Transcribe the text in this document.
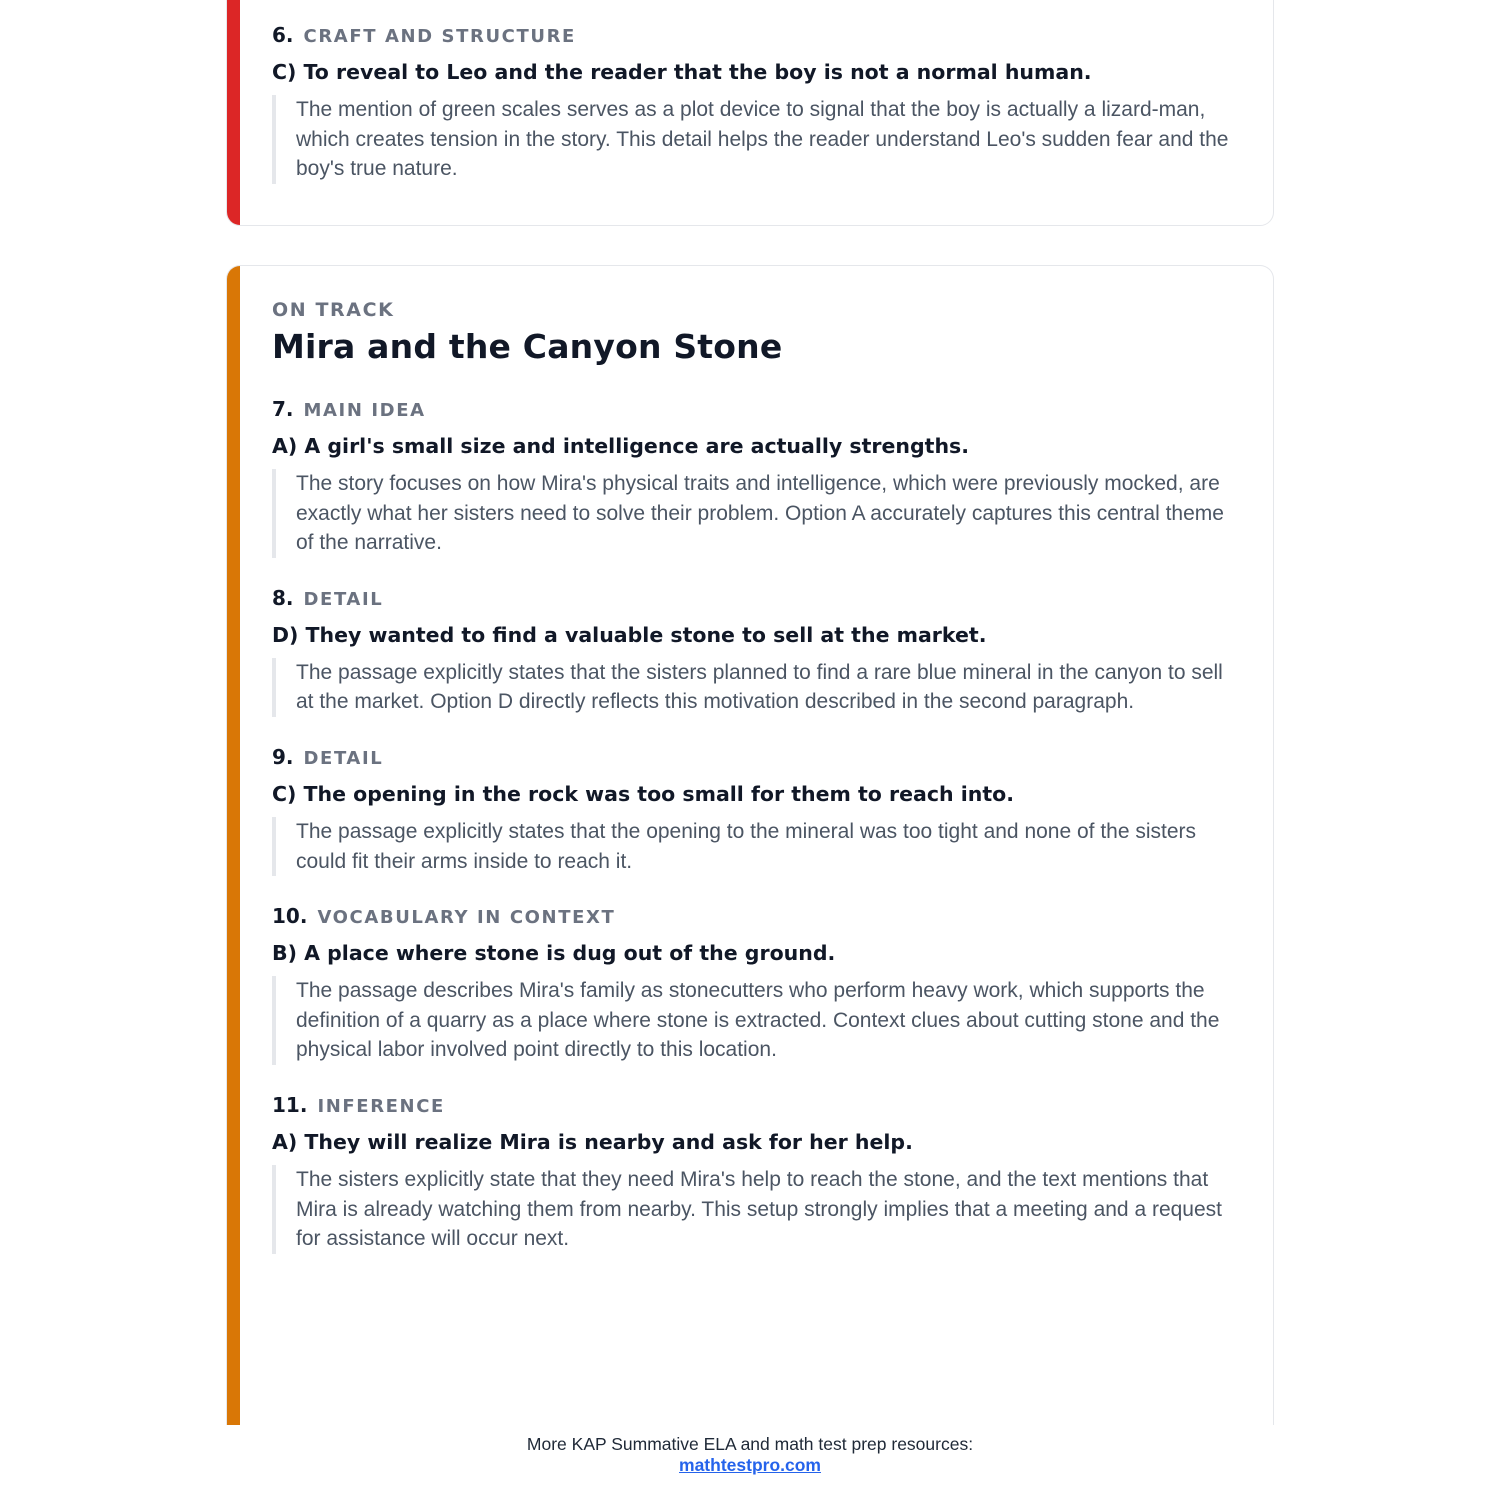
6. CRAFT AND STRUCTURE
C) To reveal to Leo and the reader that the boy is not a normal human.
The mention of green scales serves as a plot device to signal that the boy is actually a lizard-man, which creates tension in the story. This detail helps the reader understand Leo's sudden fear and the boy's true nature.
ON TRACK
Mira and the Canyon Stone
7. MAIN IDEA
A) A girl's small size and intelligence are actually strengths.
The story focuses on how Mira's physical traits and intelligence, which were previously mocked, are exactly what her sisters need to solve their problem. Option A accurately captures this central theme of the narrative.
8. DETAIL
D) They wanted to find a valuable stone to sell at the market.
The passage explicitly states that the sisters planned to find a rare blue mineral in the canyon to sell at the market. Option D directly reflects this motivation described in the second paragraph.
9. DETAIL
C) The opening in the rock was too small for them to reach into.
The passage explicitly states that the opening to the mineral was too tight and none of the sisters could fit their arms inside to reach it.
10. VOCABULARY IN CONTEXT
B) A place where stone is dug out of the ground.
The passage describes Mira's family as stonecutters who perform heavy work, which supports the definition of a quarry as a place where stone is extracted. Context clues about cutting stone and the physical labor involved point directly to this location.
11. INFERENCE
A) They will realize Mira is nearby and ask for her help.
The sisters explicitly state that they need Mira's help to reach the stone, and the text mentions that Mira is already watching them from nearby. This setup strongly implies that a meeting and a request for assistance will occur next.
More KAP Summative ELA and math test prep resources:
mathtestpro.com
